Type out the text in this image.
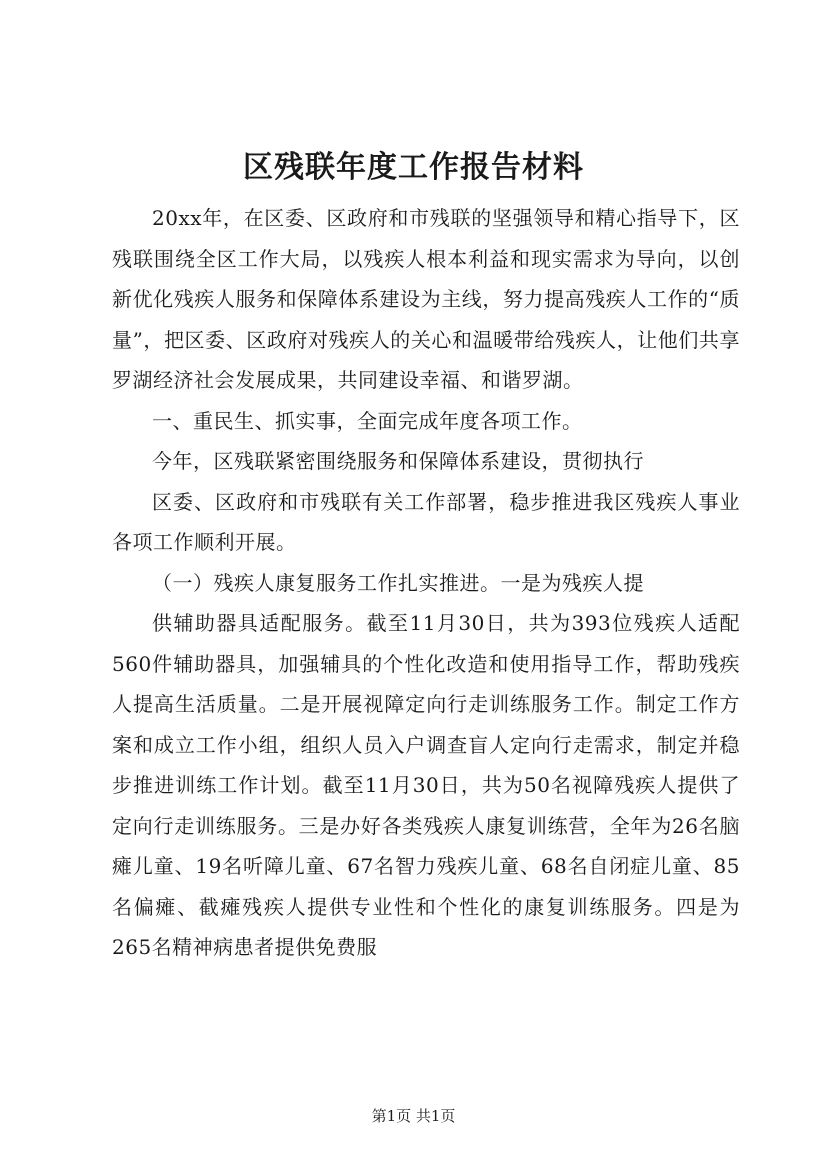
区残联年度工作报告材料

20xx年，在区委、区政府和市残联的坚强领导和精心指导下，区残联围绕全区工作大局，以残疾人根本利益和现实需求为导向，以创新优化残疾人服务和保障体系建设为主线，努力提高残疾人工作的“质量”，把区委、区政府对残疾人的关心和温暖带给残疾人，让他们共享罗湖经济社会发展成果，共同建设幸福、和谐罗湖。

一、重民生、抓实事，全面完成年度各项工作。

今年，区残联紧密围绕服务和保障体系建设，贯彻执行

区委、区政府和市残联有关工作部署，稳步推进我区残疾人事业各项工作顺利开展。

（一）残疾人康复服务工作扎实推进。一是为残疾人提

供辅助器具适配服务。截至11月30日，共为393位残疾人适配560件辅助器具，加强辅具的个性化改造和使用指导工作，帮助残疾人提高生活质量。二是开展视障定向行走训练服务工作。制定工作方案和成立工作小组，组织人员入户调查盲人定向行走需求，制定并稳步推进训练工作计划。截至11月30日，共为50名视障残疾人提供了定向行走训练服务。三是办好各类残疾人康复训练营，全年为26名脑瘫儿童、19名听障儿童、67名智力残疾儿童、68名自闭症儿童、85名偏瘫、截瘫残疾人提供专业性和个性化的康复训练服务。四是为265名精神病患者提供免费服

第1页 共1页
